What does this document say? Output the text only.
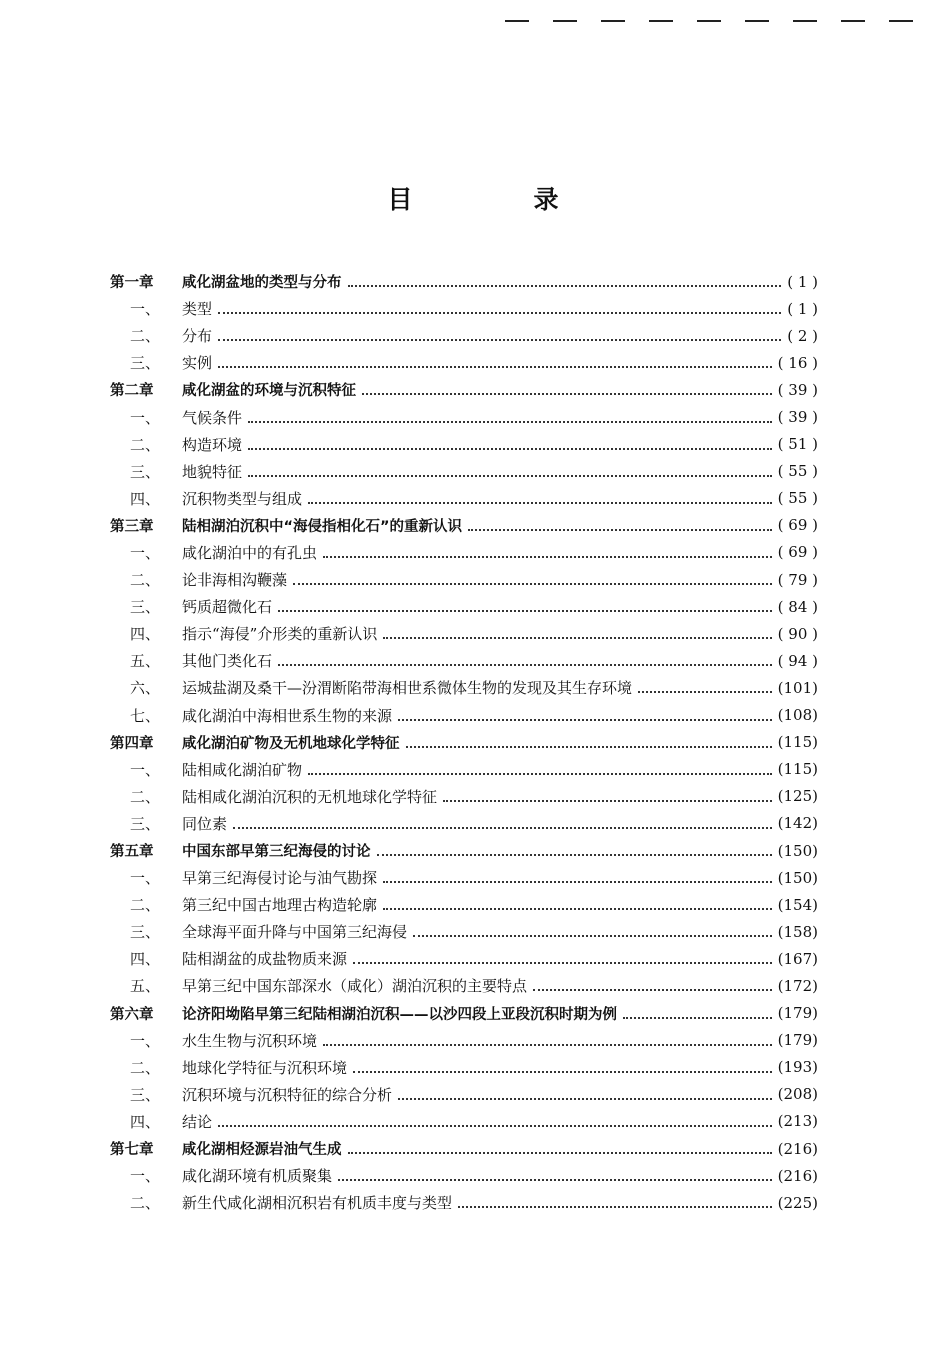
目　录
第一章	咸化湖盆地的类型与分布	( 1 )
一、	类型	( 1 )
二、	分布	( 2 )
三、	实例	( 16 )
第二章	咸化湖盆的环境与沉积特征	( 39 )
一、	气候条件	( 39 )
二、	构造环境	( 51 )
三、	地貌特征	( 55 )
四、	沉积物类型与组成	( 55 )
第三章	陆相湖泊沉积中“海侵指相化石”的重新认识	( 69 )
一、	咸化湖泊中的有孔虫	( 69 )
二、	论非海相沟鞭藻	( 79 )
三、	钙质超微化石	( 84 )
四、	指示“海侵”介形类的重新认识	( 90 )
五、	其他门类化石	( 94 )
六、	运城盐湖及桑干—汾渭断陷带海相世系微体生物的发现及其生存环境	(101)
七、	咸化湖泊中海相世系生物的来源	(108)
第四章	咸化湖泊矿物及无机地球化学特征	(115)
一、	陆相咸化湖泊矿物	(115)
二、	陆相咸化湖泊沉积的无机地球化学特征	(125)
三、	同位素	(142)
第五章	中国东部早第三纪海侵的讨论	(150)
一、	早第三纪海侵讨论与油气勘探	(150)
二、	第三纪中国古地理古构造轮廓	(154)
三、	全球海平面升降与中国第三纪海侵	(158)
四、	陆相湖盆的成盐物质来源	(167)
五、	早第三纪中国东部深水（咸化）湖泊沉积的主要特点	(172)
第六章	论济阳坳陷早第三纪陆相湖泊沉积——以沙四段上亚段沉积时期为例	(179)
一、	水生生物与沉积环境	(179)
二、	地球化学特征与沉积环境	(193)
三、	沉积环境与沉积特征的综合分析	(208)
四、	结论	(213)
第七章	咸化湖相烃源岩油气生成	(216)
一、	咸化湖环境有机质聚集	(216)
二、	新生代咸化湖相沉积岩有机质丰度与类型	(225)
